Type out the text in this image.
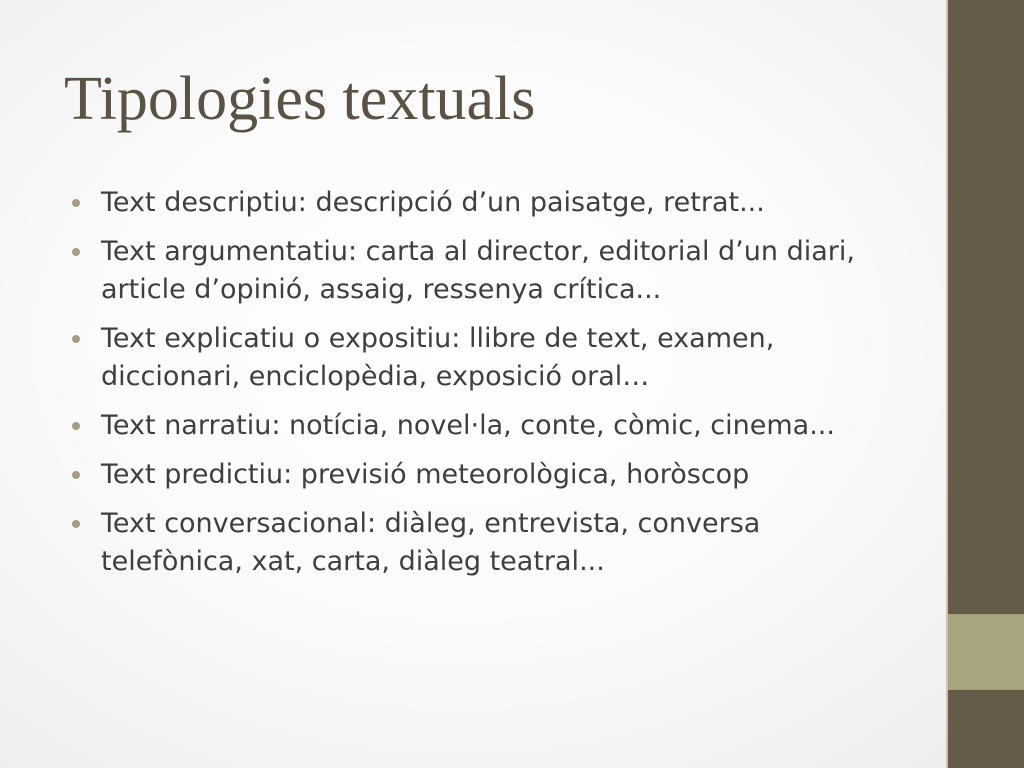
Tipologies textuals
Text descriptiu: descripció d’un paisatge, retrat...
Text argumentatiu: carta al director, editorial d’un diari, article d’opinió, assaig, ressenya crítica...
Text explicatiu o expositiu: llibre de text, examen, diccionari, enciclopèdia, exposició oral…
Text narratiu: notícia, novel·la, conte, còmic, cinema...
Text predictiu: previsió meteorològica, horòscop
Text conversacional: diàleg, entrevista, conversa telefònica, xat, carta, diàleg teatral...
